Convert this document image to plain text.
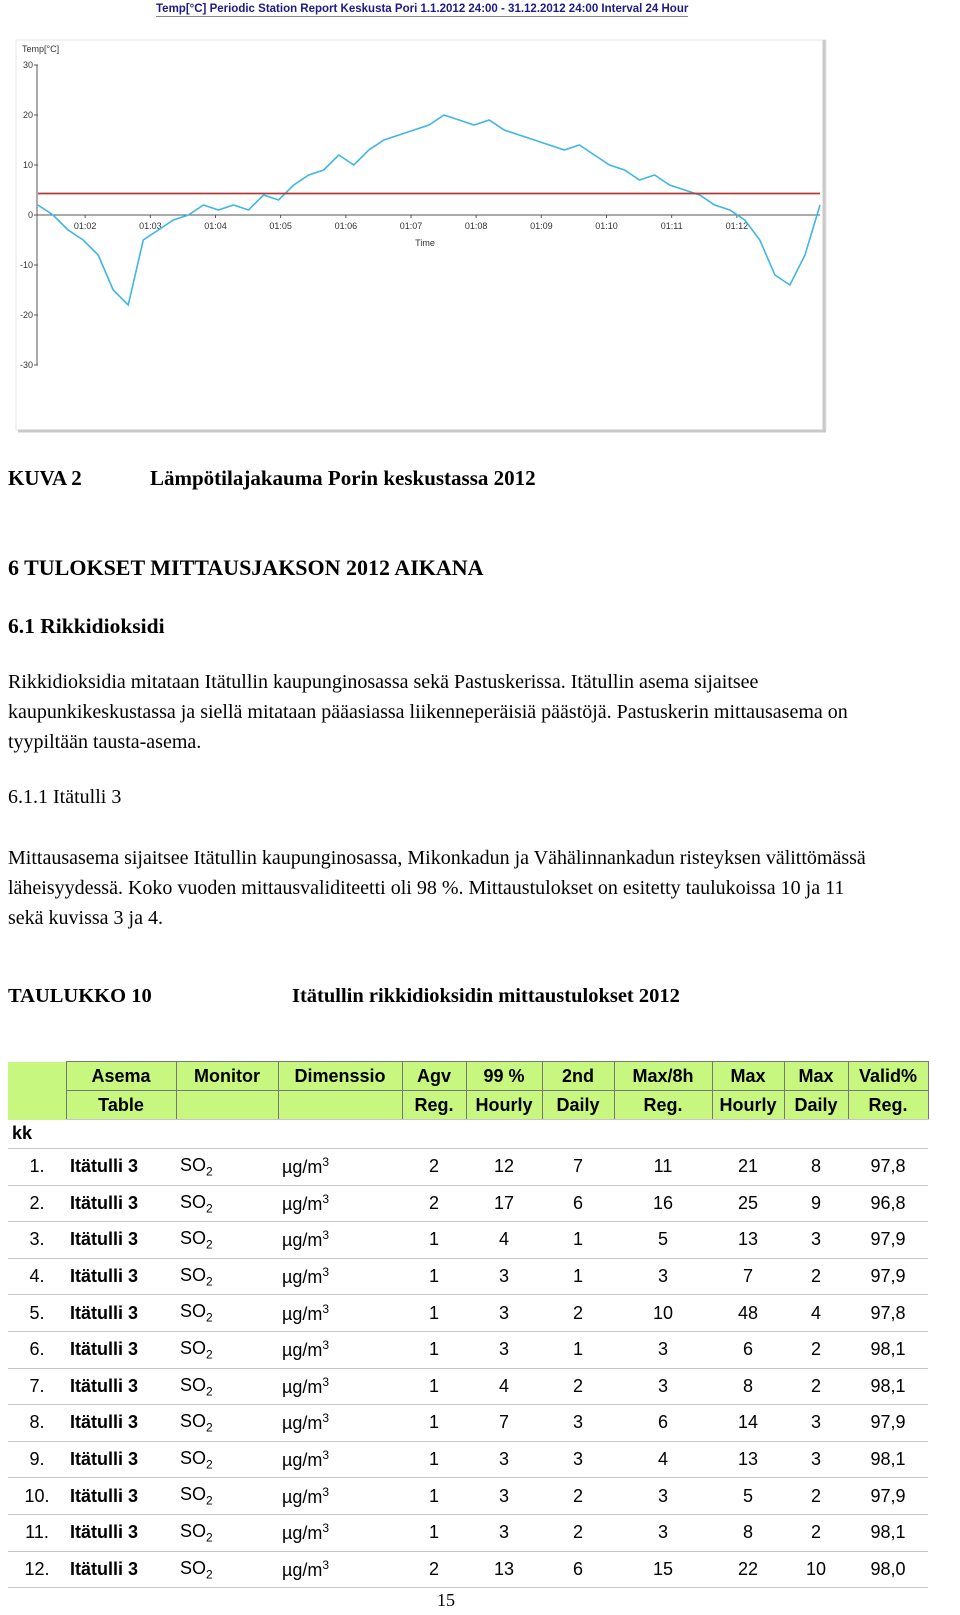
Temp[°C] Periodic Station Report Keskusta Pori 1.1.2012 24:00 - 31.12.2012 24:00 Interval 24 Hour
30
20
10
0
-10
-20
-30
01:02	01:03	01:04	01:05	01:06	01:07	01:08	01:09	01:10	01:11	01:12
Temp[°C]
Time
KUVA 2	Lämpötilajakauma Porin keskustassa 2012
6 TULOKSET MITTAUSJAKSON 2012 AIKANA
6.1 Rikkidioksidi
Rikkidioksidia mitataan Itätullin kaupunginosassa sekä Pastuskerissa. Itätullin asema sijaitsee kaupunkikeskustassa ja siellä mitataan pääasiassa liikenneperäisiä päästöjä. Pastuskerin mittausasema on tyypiltään tausta-asema.
6.1.1 Itätulli 3
Mittausasema sijaitsee Itätullin kaupunginosassa, Mikonkadun ja Vähälinnankadun risteyksen välittömässä läheisyydessä. Koko vuoden mittausvaliditeetti oli 98 %. Mittaustulokset on esitetty taulukoissa 10 ja 11 sekä kuvissa 3 ja 4.
TAULUKKO 10	Itätullin rikkidioksidin mittaustulokset 2012
	Asema	Monitor	Dimenssio	Agv	99 %	2nd	Max/8h	Max	Max	Valid%
	Table			Reg.	Hourly	Daily	Reg.	Hourly	Daily	Reg.
kk										
1.	Itätulli 3	$SO_2$	$\mu g/m^3$	2	12	7	11	21	8	97,8
2.	Itätulli 3	$SO_2$	$\mu g/m^3$	2	17	6	16	25	9	96,8
3.	Itätulli 3	$SO_2$	$\mu g/m^3$	1	4	1	5	13	3	97,9
4.	Itätulli 3	$SO_2$	$\mu g/m^3$	1	3	1	3	7	2	97,9
5.	Itätulli 3	$SO_2$	$\mu g/m^3$	1	3	2	10	48	4	97,8
6.	Itätulli 3	$SO_2$	$\mu g/m^3$	1	3	1	3	6	2	98,1
7.	Itätulli 3	$SO_2$	$\mu g/m^3$	1	4	2	3	8	2	98,1
8.	Itätulli 3	$SO_2$	$\mu g/m^3$	1	7	3	6	14	3	97,9
9.	Itätulli 3	$SO_2$	$\mu g/m^3$	1	3	3	4	13	3	98,1
10.	Itätulli 3	$SO_2$	$\mu g/m^3$	1	3	2	3	5	2	97,9
11.	Itätulli 3	$SO_2$	$\mu g/m^3$	1	3	2	3	8	2	98,1
12.	Itätulli 3	$SO_2$	$\mu g/m^3$	2	13	6	15	22	10	98,0
15
